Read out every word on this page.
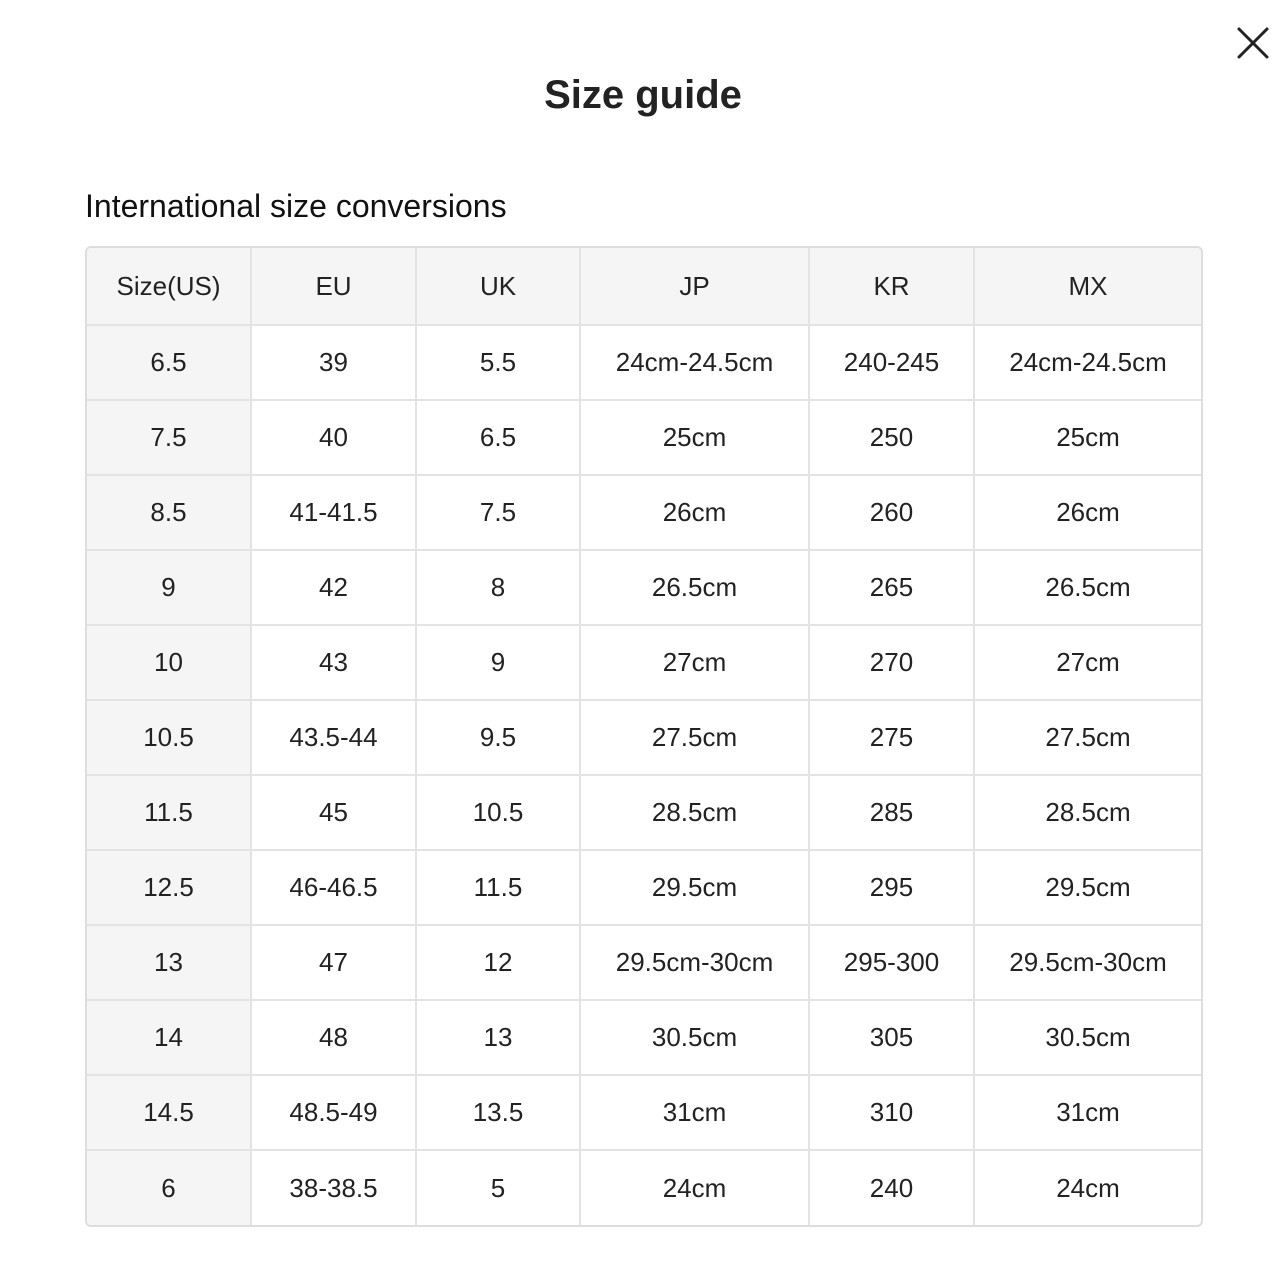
Size guide
International size conversions
Size(US)	EU	UK	JP	KR	MX
6.5	39	5.5	24cm-24.5cm	240-245	24cm-24.5cm
7.5	40	6.5	25cm	250	25cm
8.5	41-41.5	7.5	26cm	260	26cm
9	42	8	26.5cm	265	26.5cm
10	43	9	27cm	270	27cm
10.5	43.5-44	9.5	27.5cm	275	27.5cm
11.5	45	10.5	28.5cm	285	28.5cm
12.5	46-46.5	11.5	29.5cm	295	29.5cm
13	47	12	29.5cm-30cm	295-300	29.5cm-30cm
14	48	13	30.5cm	305	30.5cm
14.5	48.5-49	13.5	31cm	310	31cm
6	38-38.5	5	24cm	240	24cm
